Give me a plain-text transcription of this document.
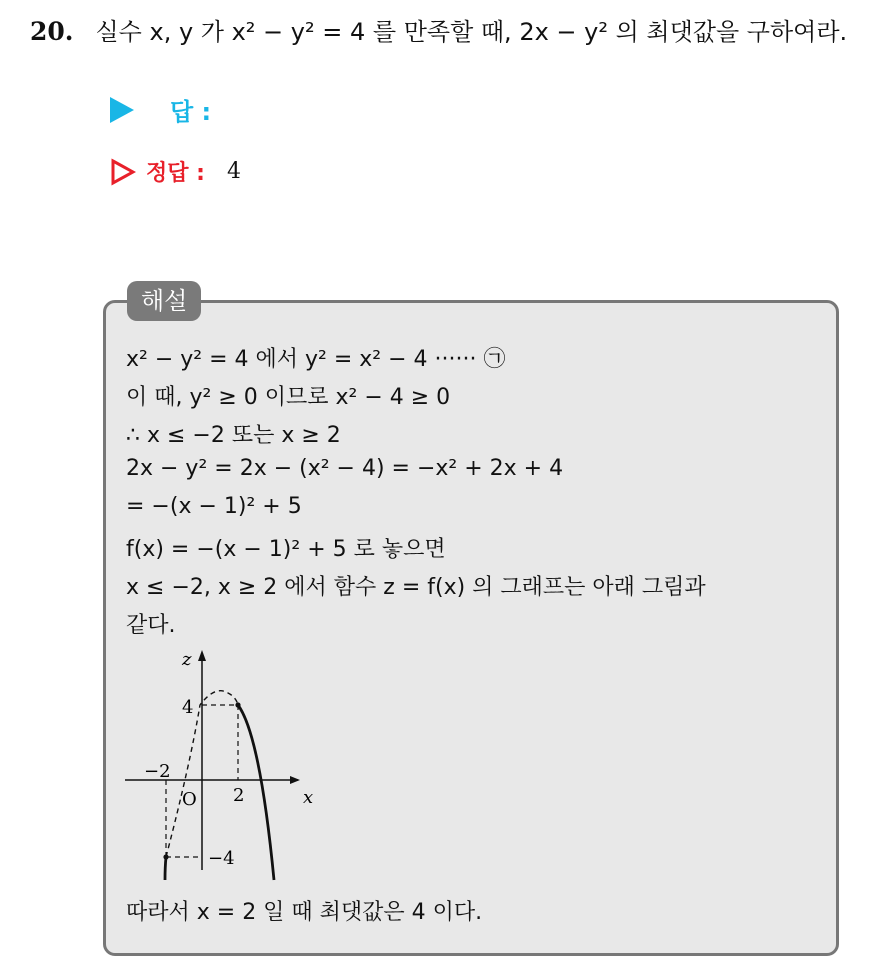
20. 실수 x, y 가 x² − y² = 4 를 만족할 때, 2x − y² 의 최댓값을 구하여라.
답 :
정답 : 4
해설
x² − y² = 4 에서 y² = x² − 4 ······ ㉠
이 때, y² ≥ 0 이므로 x² − 4 ≥ 0
∴ x ≤ −2 또는 x ≥ 2
2x − y² = 2x − (x² − 4) = −x² + 2x + 4
= −(x − 1)² + 5
f(x) = −(x − 1)² + 5 로 놓으면
x ≤ −2, x ≥ 2 에서 함수 z = f(x) 의 그래프는 아래 그림과
같다.
z
x
O
4
−2
2
−4
따라서 x = 2 일 때 최댓값은 4 이다.
